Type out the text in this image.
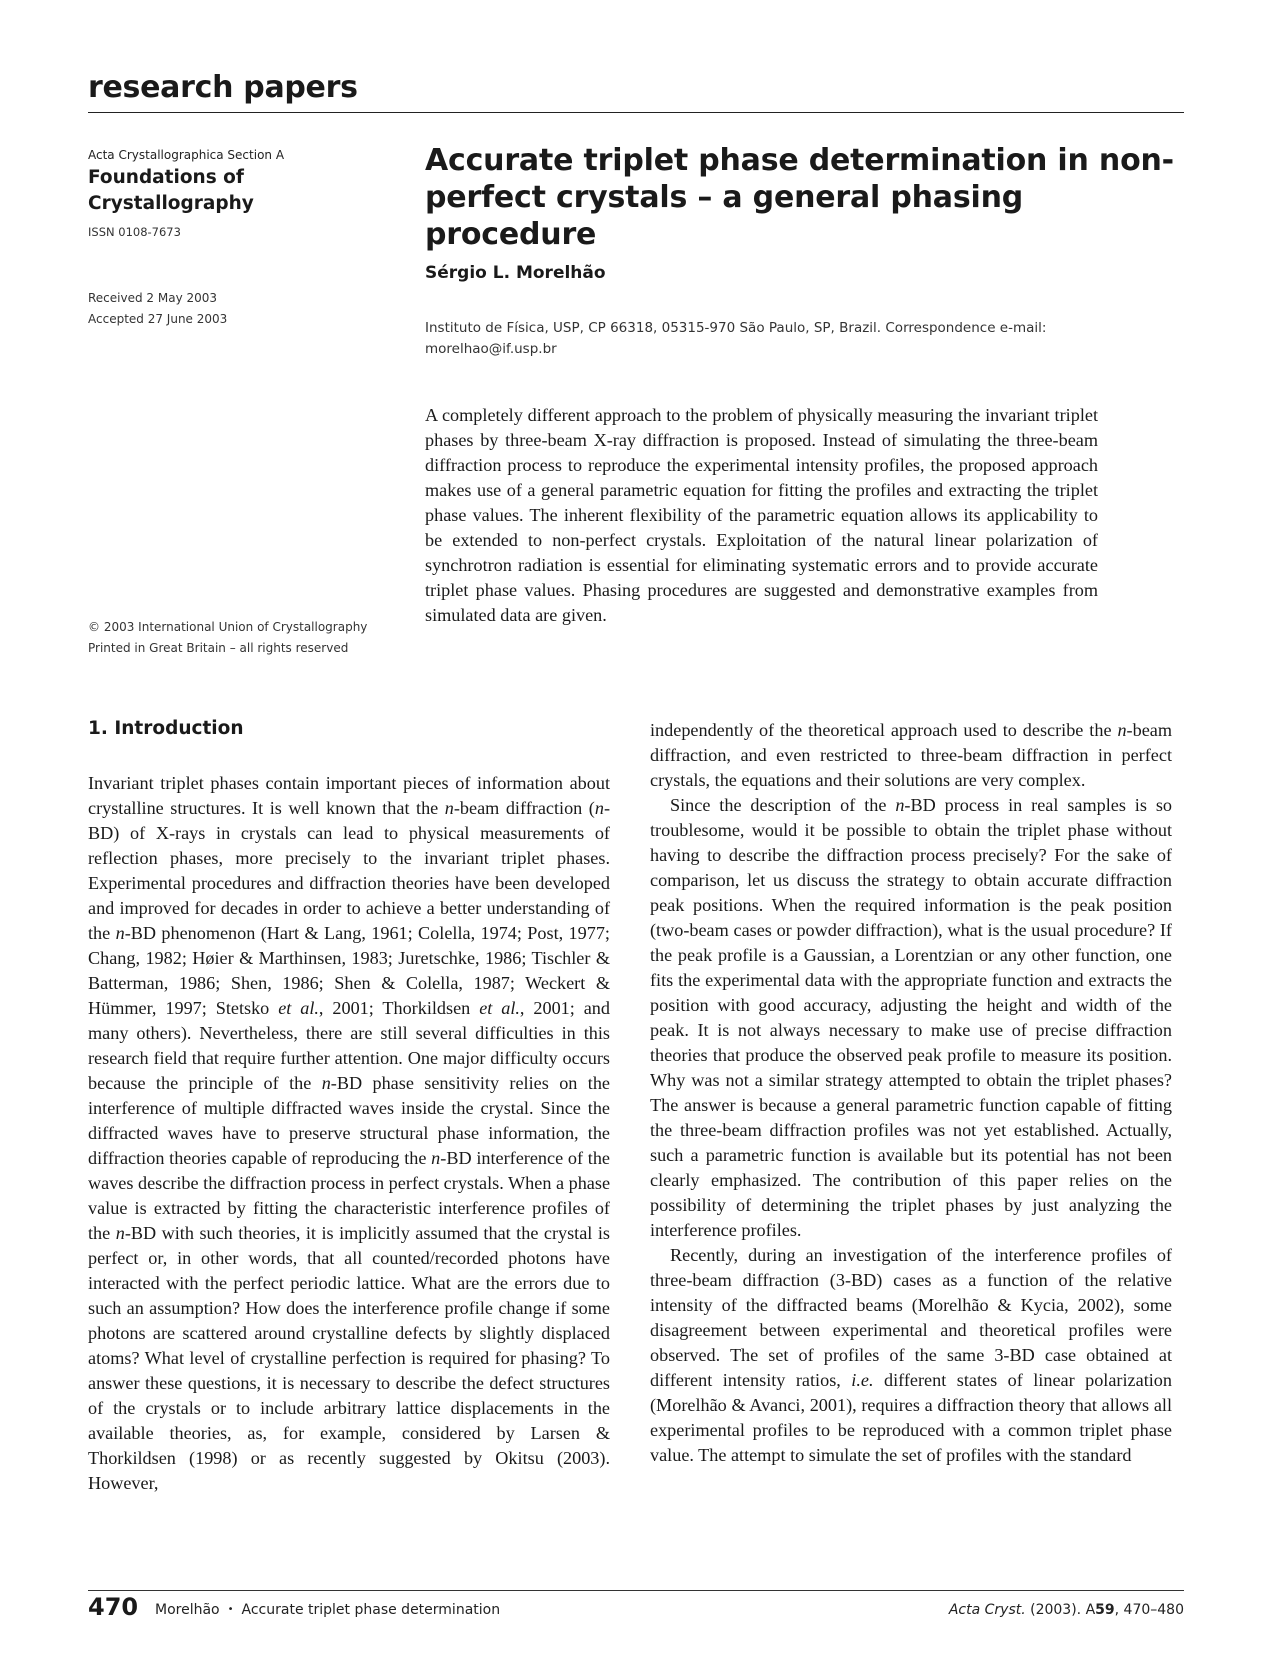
research papers
Acta Crystallographica Section A
Foundations of
Crystallography
ISSN 0108-7673
Received 2 May 2003
Accepted 27 June 2003
© 2003 International Union of Crystallography
Printed in Great Britain – all rights reserved
Accurate triplet phase determination in non-perfect crystals – a general phasing procedure
Sérgio L. Morelhão
Instituto de Física, USP, CP 66318, 05315-970 São Paulo, SP, Brazil. Correspondence e-mail: morelhao@if.usp.br
A completely different approach to the problem of physically measuring the invariant triplet phases by three-beam X-ray diffraction is proposed. Instead of simulating the three-beam diffraction process to reproduce the experimental intensity profiles, the proposed approach makes use of a general parametric equation for fitting the profiles and extracting the triplet phase values. The inherent flexibility of the parametric equation allows its applicability to be extended to non-perfect crystals. Exploitation of the natural linear polarization of synchrotron radiation is essential for eliminating systematic errors and to provide accurate triplet phase values. Phasing procedures are suggested and demonstrative examples from simulated data are given.
1. Introduction

Invariant triplet phases contain important pieces of information about crystalline structures. It is well known that the n-beam diffraction (n-BD) of X-rays in crystals can lead to physical measurements of reflection phases, more precisely to the invariant triplet phases. Experimental procedures and diffraction theories have been developed and improved for decades in order to achieve a better understanding of the n-BD phenomenon (Hart & Lang, 1961; Colella, 1974; Post, 1977; Chang, 1982; Høier & Marthinsen, 1983; Juretschke, 1986; Tischler & Batterman, 1986; Shen, 1986; Shen & Colella, 1987; Weckert & Hümmer, 1997; Stetsko et al., 2001; Thorkildsen et al., 2001; and many others). Nevertheless, there are still several difficulties in this research field that require further attention. One major difficulty occurs because the principle of the n-BD phase sensitivity relies on the interference of multiple diffracted waves inside the crystal. Since the diffracted waves have to preserve structural phase information, the diffraction theories capable of reproducing the n-BD interference of the waves describe the diffraction process in perfect crystals. When a phase value is extracted by fitting the characteristic interference profiles of the n-BD with such theories, it is implicitly assumed that the crystal is perfect or, in other words, that all counted/recorded photons have interacted with the perfect periodic lattice. What are the errors due to such an assumption? How does the interference profile change if some photons are scattered around crystalline defects by slightly displaced atoms? What level of crystalline perfection is required for phasing? To answer these questions, it is necessary to describe the defect structures of the crystals or to include arbitrary lattice displacements in the available theories, as, for example, considered by Larsen & Thorkildsen (1998) or as recently suggested by Okitsu (2003). However,

independently of the theoretical approach used to describe the n-beam diffraction, and even restricted to three-beam diffraction in perfect crystals, the equations and their solutions are very complex.

Since the description of the n-BD process in real samples is so troublesome, would it be possible to obtain the triplet phase without having to describe the diffraction process precisely? For the sake of comparison, let us discuss the strategy to obtain accurate diffraction peak positions. When the required information is the peak position (two-beam cases or powder diffraction), what is the usual procedure? If the peak profile is a Gaussian, a Lorentzian or any other function, one fits the experimental data with the appropriate function and extracts the position with good accuracy, adjusting the height and width of the peak. It is not always necessary to make use of precise diffraction theories that produce the observed peak profile to measure its position. Why was not a similar strategy attempted to obtain the triplet phases? The answer is because a general parametric function capable of fitting the three-beam diffraction profiles was not yet established. Actually, such a parametric function is available but its potential has not been clearly emphasized. The contribution of this paper relies on the possibility of determining the triplet phases by just analyzing the interference profiles.

Recently, during an investigation of the interference profiles of three-beam diffraction (3-BD) cases as a function of the relative intensity of the diffracted beams (Morelhão & Kycia, 2002), some disagreement between experimental and theoretical profiles were observed. The set of profiles of the same 3-BD case obtained at different intensity ratios, i.e. different states of linear polarization (Morelhão & Avanci, 2001), requires a diffraction theory that allows all experimental profiles to be reproduced with a common triplet phase value. The attempt to simulate the set of profiles with the standard

470 Morelhão • Accurate triplet phase determination	Acta Cryst. (2003). A59, 470–480
